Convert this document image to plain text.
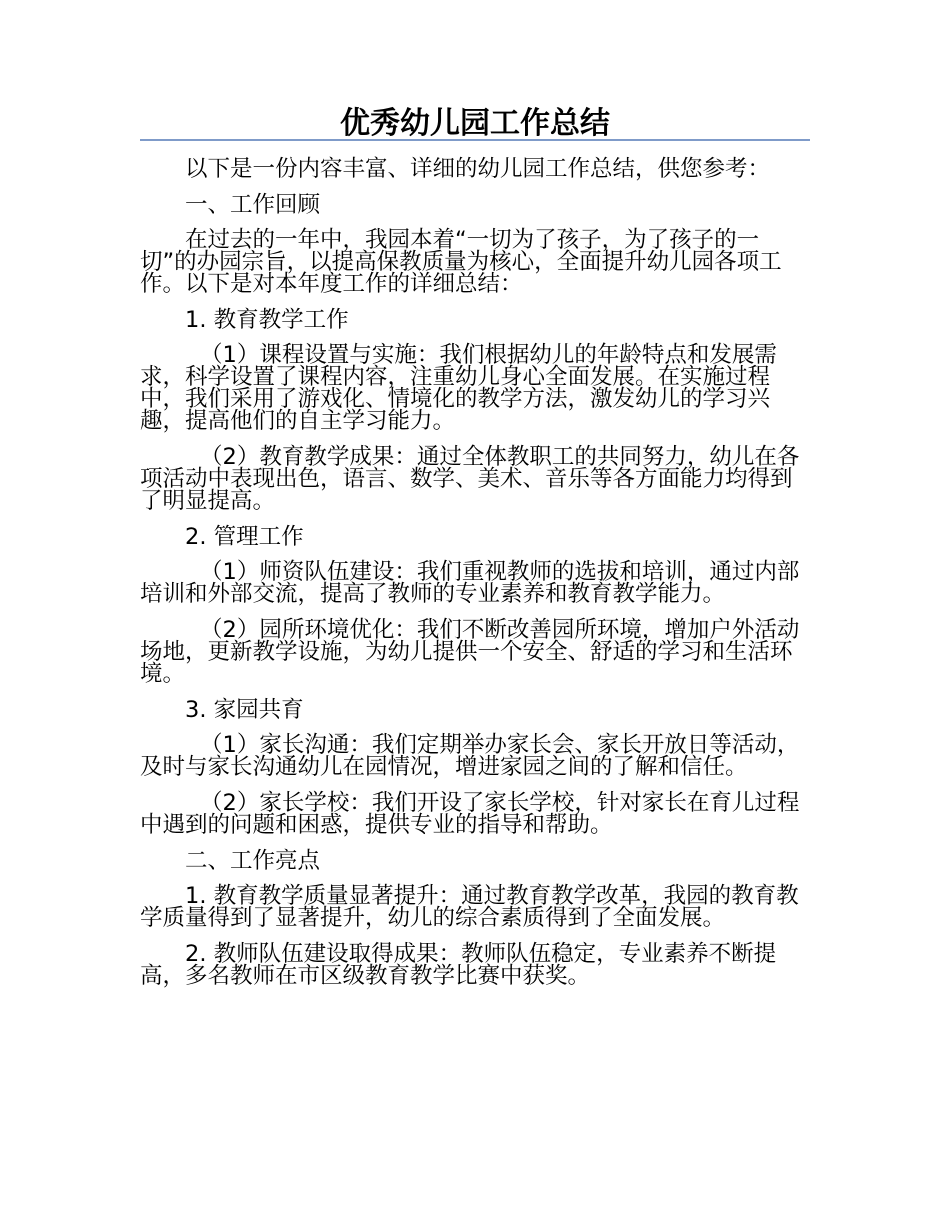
优秀幼儿园工作总结

以下是一份内容丰富、详细的幼儿园工作总结，供您参考：

一、工作回顾

在过去的一年中，我园本着“一切为了孩子，为了孩子的一切”的办园宗旨，以提高保教质量为核心，全面提升幼儿园各项工作。以下是对本年度工作的详细总结：

1. 教育教学工作

（1）课程设置与实施：我们根据幼儿的年龄特点和发展需求，科学设置了课程内容，注重幼儿身心全面发展。在实施过程中，我们采用了游戏化、情境化的教学方法，激发幼儿的学习兴趣，提高他们的自主学习能力。

（2）教育教学成果：通过全体教职工的共同努力，幼儿在各项活动中表现出色，语言、数学、美术、音乐等各方面能力均得到了明显提高。

2. 管理工作

（1）师资队伍建设：我们重视教师的选拔和培训，通过内部培训和外部交流，提高了教师的专业素养和教育教学能力。

（2）园所环境优化：我们不断改善园所环境，增加户外活动场地，更新教学设施，为幼儿提供一个安全、舒适的学习和生活环境。

3. 家园共育

（1）家长沟通：我们定期举办家长会、家长开放日等活动，及时与家长沟通幼儿在园情况，增进家园之间的了解和信任。

（2）家长学校：我们开设了家长学校，针对家长在育儿过程中遇到的问题和困惑，提供专业的指导和帮助。

二、工作亮点

1. 教育教学质量显著提升：通过教育教学改革，我园的教育教学质量得到了显著提升，幼儿的综合素质得到了全面发展。

2. 教师队伍建设取得成果：教师队伍稳定，专业素养不断提高，多名教师在市区级教育教学比赛中获奖。
